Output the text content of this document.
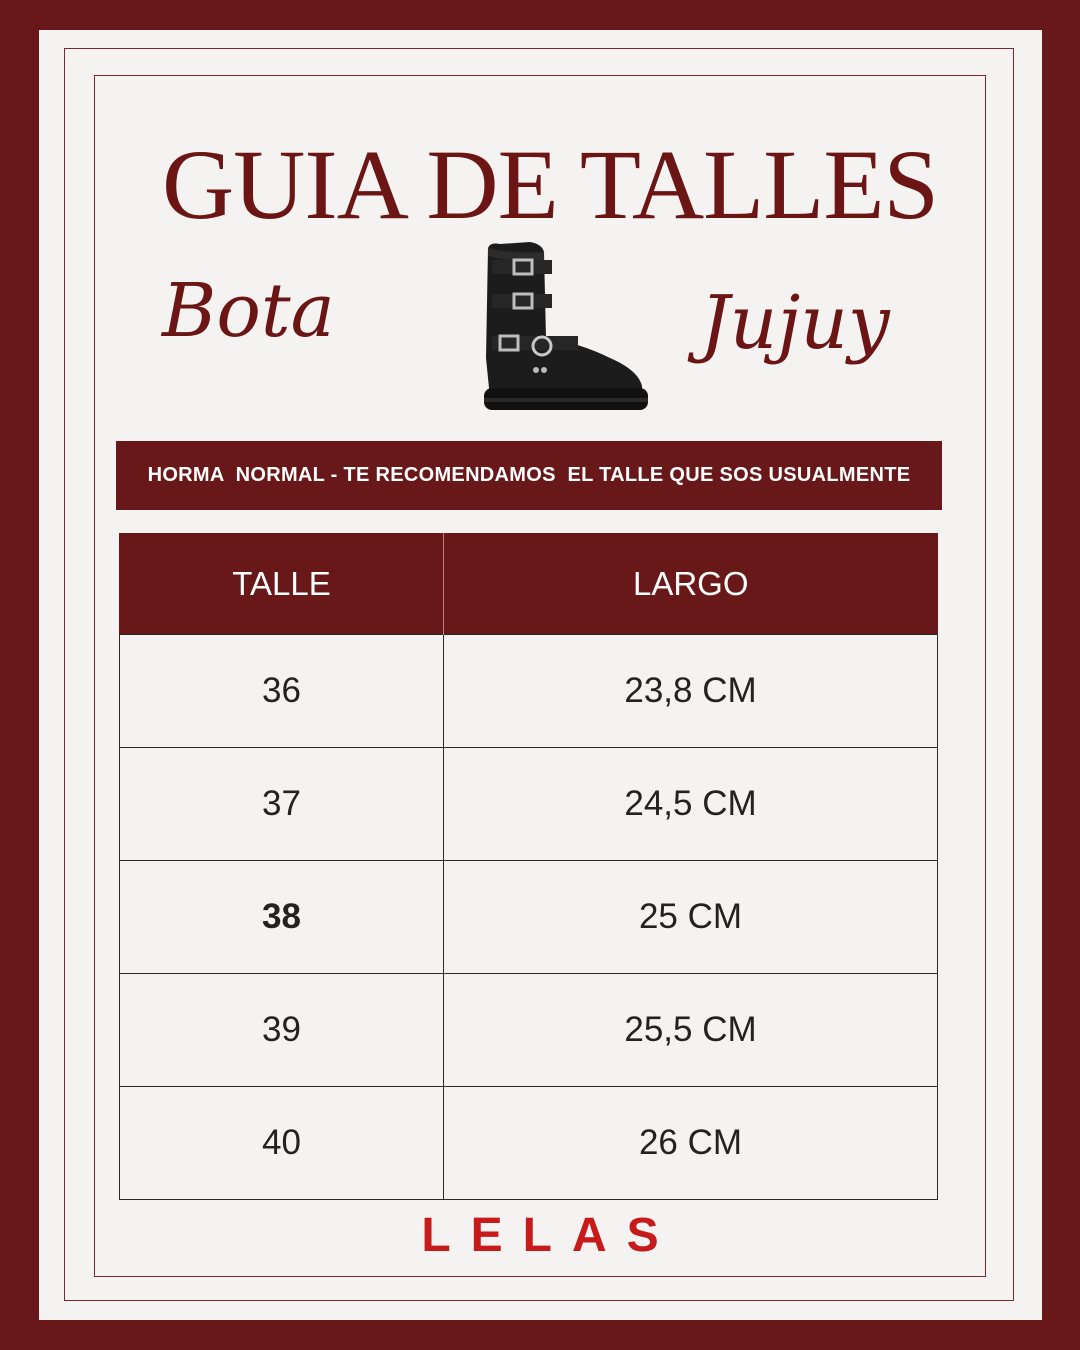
GUIA DE TALLES

Bota	Jujuy

HORMA  NORMAL - TE RECOMENDAMOS  EL TALLE QUE SOS USUALMENTE
TALLE	LARGO
36	23,8 CM
37	24,5 CM
38	25 CM
39	25,5 CM
40	26 CM

LELAS
